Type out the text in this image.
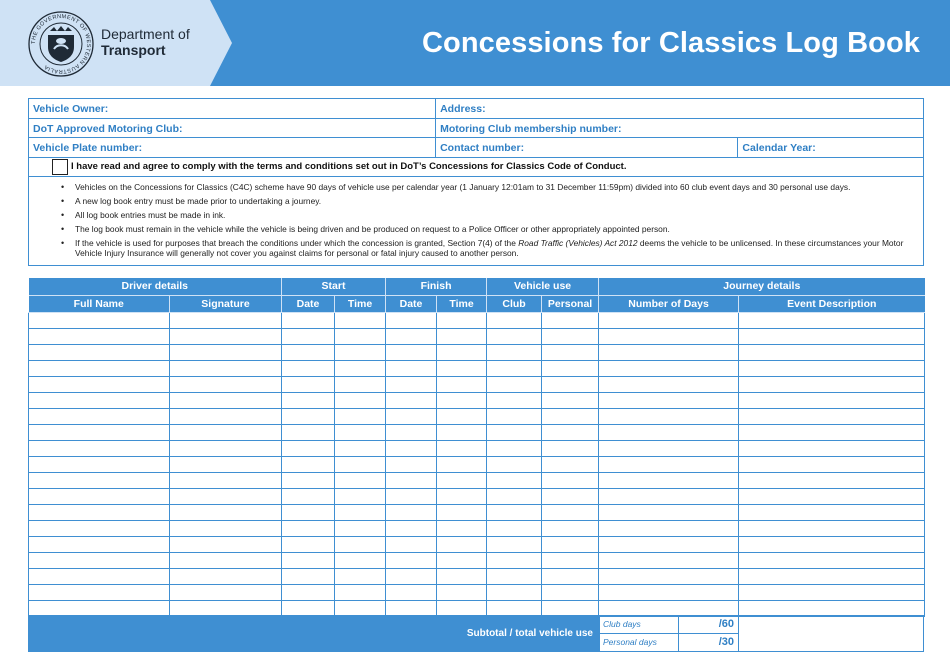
THE GOVERNMENT OF WESTERN AUSTRALIA
Department of
Transport	Concessions for Classics Log Book
Vehicle Owner:	Address:
DoT Approved Motoring Club:	Motoring Club membership number:
Vehicle Plate number:	Contact number:	Calendar Year:
I have read and agree to comply with the terms and conditions set out in DoT’s Concessions for Classics Code of Conduct.
• Vehicles on the Concessions for Classics (C4C) scheme have 90 days of vehicle use per calendar year (1 January 12:01am to 31 December 11:59pm) divided into 60 club event days and 30 personal use days.
• A new log book entry must be made prior to undertaking a journey.
• All log book entries must be made in ink.
• The log book must remain in the vehicle while the vehicle is being driven and be produced on request to a Police Officer or other appropriately appointed person.
• If the vehicle is used for purposes that breach the conditions under which the concession is granted, Section 7(4) of the Road Traffic (Vehicles) Act 2012 deems the vehicle to be unlicensed. In these circumstances your Motor Vehicle Injury Insurance will generally not cover you against claims for personal or fatal injury caused to another person.
Driver details		Start		Finish		Vehicle use		Journey details	
Full Name	Signature	Date	Time	Date	Time	Club	Personal	Number of Days	Event Description

Subtotal / total vehicle use
Club days	/60
Personal days	/30
